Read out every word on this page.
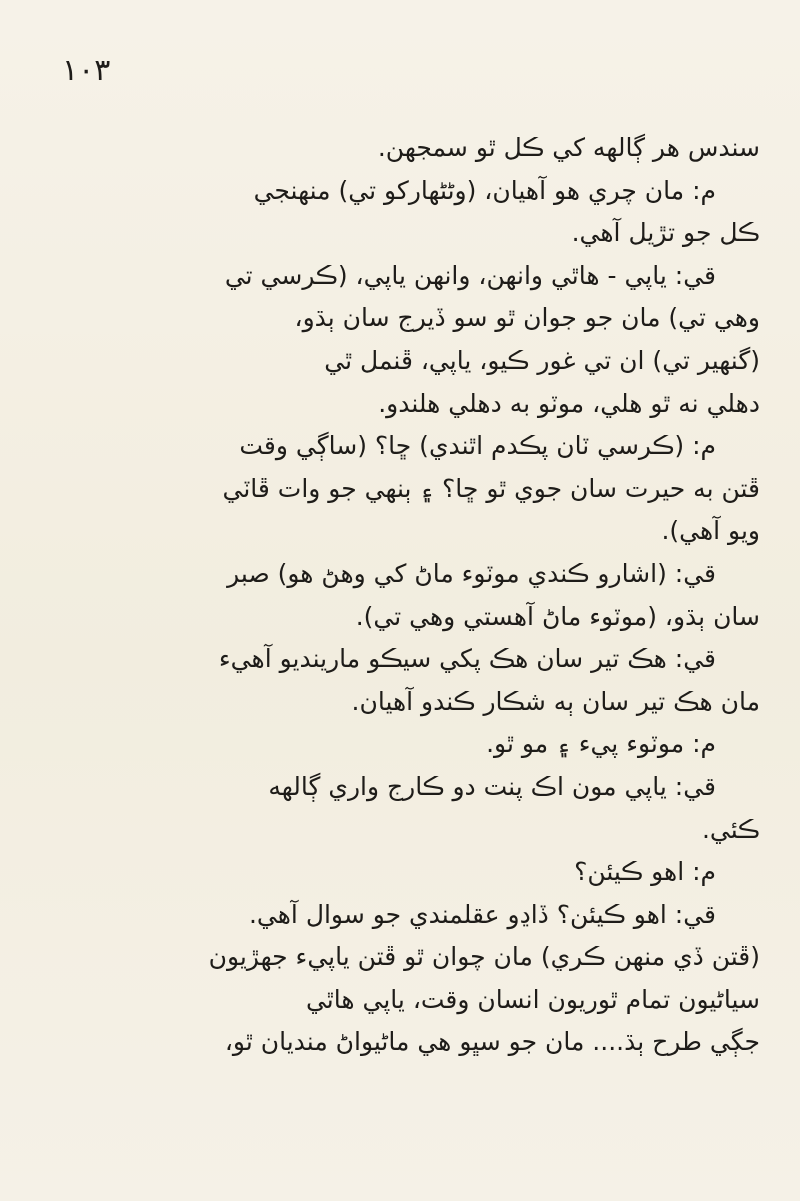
١٠٣
سندس هر ڳالهه کي ڪل ٿو سمجهن.
م: مان چري هو آهيان، (وڻڻهارکو تي) منهنجي
ڪل جو تڙيل آهي.
قي: ياپي - هاٿي وانهن، وانهن ياپي، (ڪرسي تي
وهي تي) مان جو جوان ٿو سو ڏيرج سان ٻڌو،
(گنهير تي) ان تي غور ڪيو، ياپي، ڦنمل ٿي
دهلي نه ٿو هلي، موٽو به دهلي هلندو.
م: (ڪرسي ٽان پڪدم اٿندي) ڇا؟ (ساڳي وقت
ڦتن به حيرت سان جوي ٿو ڇا؟ ۽ ٻنهي جو وات ڦاٽي
ويو آهي).
قي: (اشارو ڪندي موٽوء ماڻ کي وهڻ هو) صبر
سان ٻڌو، (موٽوء ماڻ آهستي وهي تي).
قي: هڪ تير سان هڪ پکي سيڪو مارينديو آهيء
مان هڪ تير سان ٻه شڪار ڪندو آهيان.
م: موٽوء پيء ۽ مو ٿو.
قي: ياپي مون اڪ پنت دو ڪارج واري ڳالهه
ڪئي.
م: اهو ڪيئن؟
قي: اهو ڪيئن؟ ڏاڍو عقلمندي جو سوال آهي.
(ڦتن ڏي منهن ڪري) مان چوان ٿو ڦتن ياپيء جهڙيون
سياڻيون تمام ٿوريون انسان وقت، ياپي هاٿي
جڳي طرح ٻڌ.... مان جو سڀو هي ماڻيواڻ منديان ٿو،
